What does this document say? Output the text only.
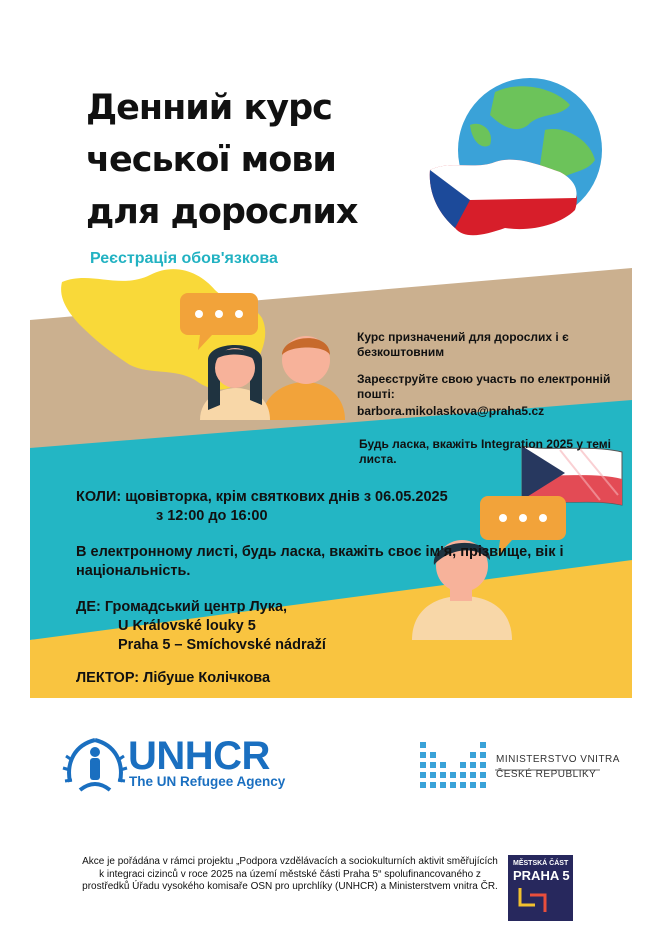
Денний курс
чеської мови
для дорослих
Реєстрація обов'язкова

Курс призначений для дорослих і є безкоштовним

Зареєструйте свою участь по електронній пошті:

barbora.mikolaskova@praha5.cz

Будь ласка, вкажіть Integration 2025 у темі листа.

КОЛИ: щовівторка, крім святкових днів з 06.05.2025
з 12:00 до 16:00
В електронному листі, будь ласка, вкажіть своє ім'я, прізвище, вік і національність.
ДЕ: Громадський центр Лука,
U Královské louky 5
Praha 5 – Smíchovské nádraží
ЛЕКТОР: Лібуше Колічкова
UNHCR
The UN Refugee Agency
MINISTERSTVO VNITRA
ČESKÉ REPUBLIKY
Akce je pořádána v rámci projektu „Podpora vzdělávacích a sociokulturních aktivit směřujících k integraci cizinců v roce 2025 na území městské části Praha 5“ spolufinancovaného z prostředků Úřadu vysokého komisaře OSN pro uprchlíky (UNHCR) a Ministerstvem vnitra ČR.
MĚSTSKÁ ČÁST
PRAHA 5
